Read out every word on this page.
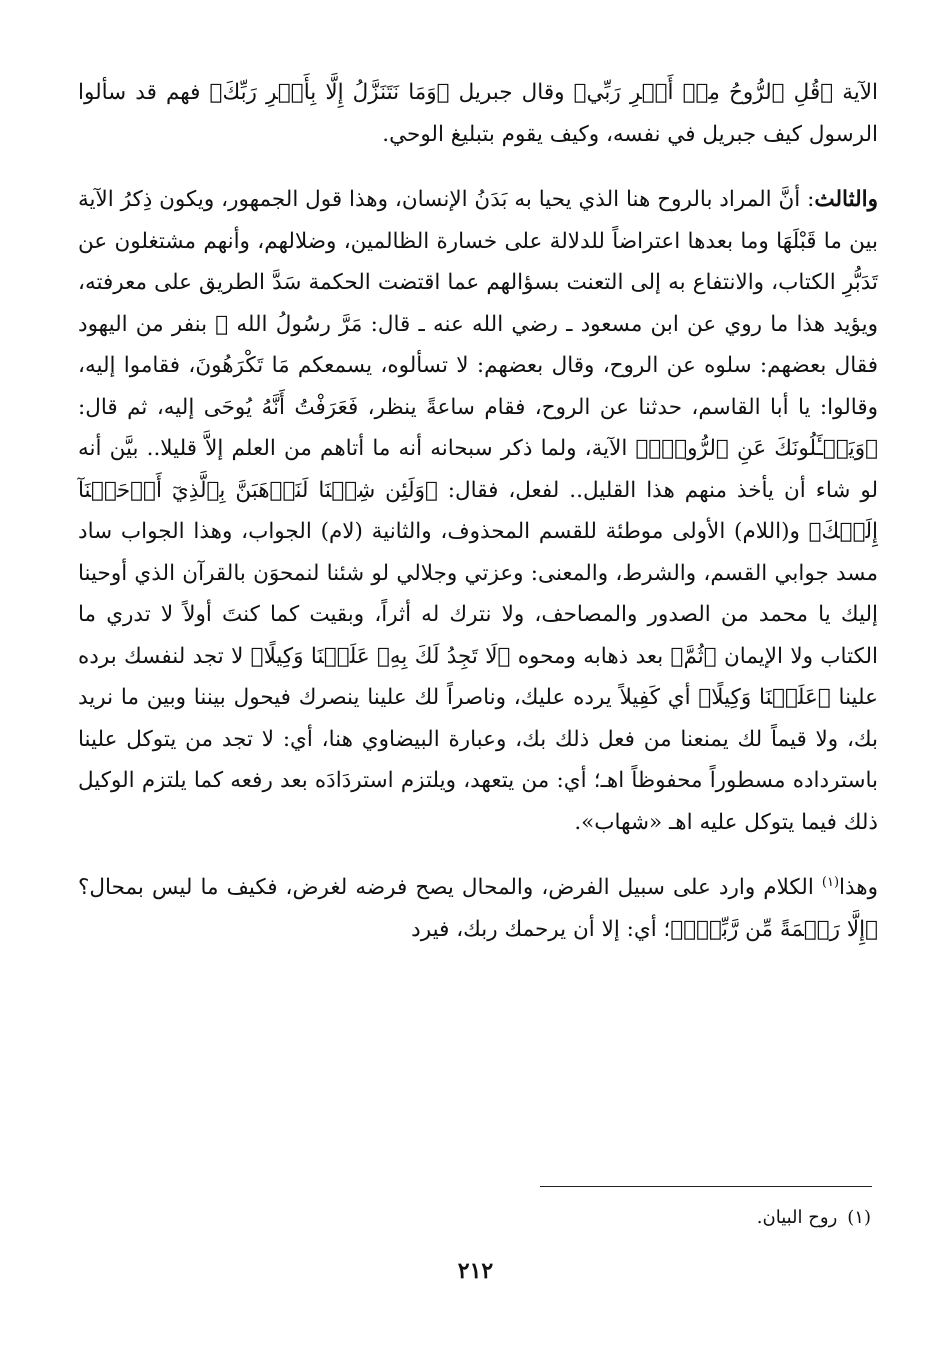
الآية ﴿قُلِ ٱلرُّوحُ مِنۡ أَمۡرِ رَبِّي﴾ وقال جبريل ﴿وَمَا نَتَنَزَّلُ إِلَّا بِأَمۡرِ رَبِّكَ﴾ فهم قد سألوا الرسول كيف جبريل في نفسه، وكيف يقوم بتبليغ الوحي.

والثالث: أنَّ المراد بالروح هنا الذي يحيا به بَدَنُ الإنسان، وهذا قول الجمهور، ويكون ذِكرُ الآية بين ما قَبْلَهَا وما بعدها اعتراضاً للدلالة على خسارة الظالمين، وضلالهم، وأنهم مشتغلون عن تَدَبُّرِ الكتاب، والانتفاع به إلى التعنت بسؤالهم عما اقتضت الحكمة سَدَّ الطريق على معرفته، ويؤيد هذا ما روي عن ابن مسعود ـ رضي الله عنه ـ قال: مَرَّ رسُولُ الله ﷺ بنفر من اليهود فقال بعضهم: سلوه عن الروح، وقال بعضهم: لا تسألوه، يسمعكم مَا تَكْرَهُونَ، فقاموا إليه، وقالوا: يا أبا القاسم، حدثنا عن الروح، فقام ساعةً ينظر، فَعَرَفْتُ أَنَّهُ يُوحَى إليه، ثم قال: ﴿وَيَسۡـَٔلُونَكَ عَنِ ٱلرُّوحِۖ﴾ الآية، ولما ذكر سبحانه أنه ما أتاهم من العلم إلاَّ قليلا.. بيَّن أنه لو شاء أن يأخذ منهم هذا القليل.. لفعل، فقال: ﴿وَلَئِن شِئۡنَا لَنَذۡهَبَنَّ بِٱلَّذِيٓ أَوۡحَيۡنَآ إِلَيۡكَ﴾ و(اللام) الأولى موطئة للقسم المحذوف، والثانية (لام) الجواب، وهذا الجواب ساد مسد جوابي القسم، والشرط، والمعنى: وعزتي وجلالي لو شئنا لنمحوَن بالقرآن الذي أوحينا إليك يا محمد من الصدور والمصاحف، ولا نترك له أثراً، وبقيت كما كنتَ أولاً لا تدري ما الكتاب ولا الإيمان ﴿ثُمَّ﴾ بعد ذهابه ومحوه ﴿لَا تَجِدُ لَكَ بِهِۦ عَلَيۡنَا وَكِيلًا﴾ لا تجد لنفسك برده علينا ﴿عَلَيۡنَا وَكِيلًا﴾ أي كَفِيلاً يرده عليك، وناصراً لك علينا ينصرك فيحول بيننا وبين ما نريد بك، ولا قيماً لك يمنعنا من فعل ذلك بك، وعبارة البيضاوي هنا، أي: لا تجد من يتوكل علينا باسترداده مسطوراً محفوظاً اهـ؛ أي: من يتعهد، ويلتزم استردَادَه بعد رفعه كما يلتزم الوكيل ذلك فيما يتوكل عليه اهـ «شهاب».

وهذا$^{(١)}$ الكلام وارد على سبيل الفرض، والمحال يصح فرضه لغرض، فكيف ما ليس بمحال؟ ﴿إِلَّا رَحۡمَةً مِّن رَّبِّكَۚ﴾؛ أي: إلا أن يرحمك ربك، فيرد

(١)روح البيان.
٢١٢
